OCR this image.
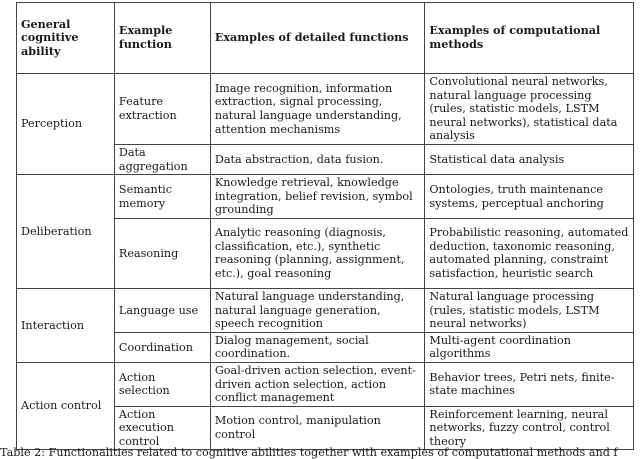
General cognitive ability	Example function	Examples of detailed functions	Examples of computational methods
Perception	Feature extraction	Image recognition, information extraction, signal processing, natural language understanding, attention mechanisms	Convolutional neural networks, natural language processing (rules, statistic models, LSTM neural networks), statistical data analysis
	Data aggregation	Data abstraction, data fusion.	Statistical data analysis
Deliberation	Semantic memory	Knowledge retrieval, knowledge integration, belief revision, symbol grounding	Ontologies, truth maintenance systems, perceptual anchoring
	Reasoning	Analytic reasoning (diagnosis, classification, etc.), synthetic reasoning (planning, assignment, etc.), goal reasoning	Probabilistic reasoning, automated deduction, taxonomic reasoning, automated planning, constraint satisfaction, heuristic search
Interaction	Language use	Natural language understanding, natural language generation, speech recognition	Natural language processing (rules, statistic models, LSTM neural networks)
	Coordination	Dialog management, social coordination.	Multi-agent coordination algorithms
Action control	Action selection	Goal-driven action selection, event-driven action selection, action conflict management	Behavior trees, Petri nets, finite-state machines
	Action execution control	Motion control, manipulation control	Reinforcement learning, neural networks, fuzzy control, control theory
Table 2: Functionalities related to cognitive abilities together with examples of computational methods and f
